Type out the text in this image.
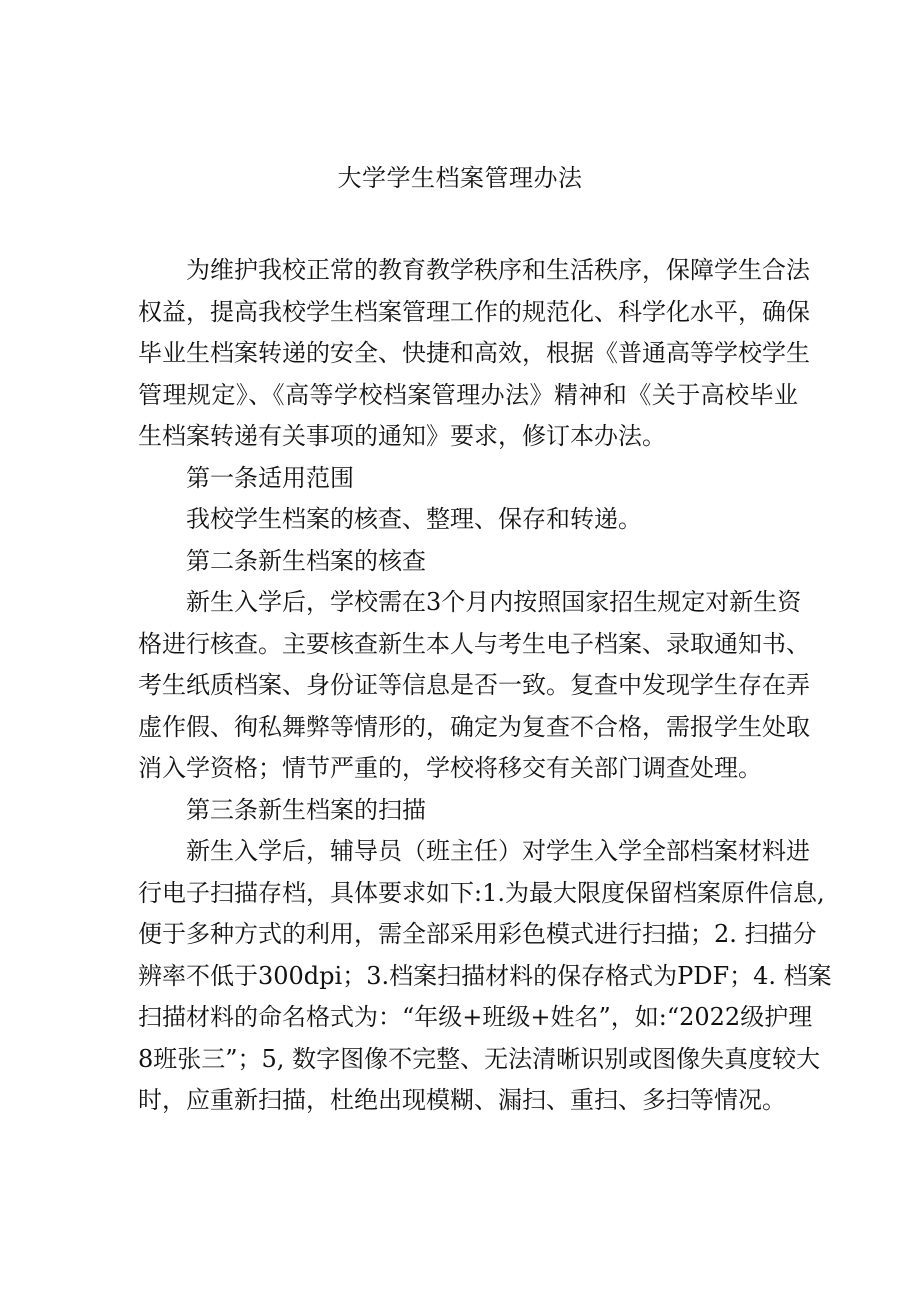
大学学生档案管理办法
为维护我校正常的教育教学秩序和生活秩序，保障学生合法
权益，提高我校学生档案管理工作的规范化、科学化水平，确保
毕业生档案转递的安全、快捷和高效，根据《普通高等学校学生
管理规定》、《高等学校档案管理办法》精神和《关于高校毕业
生档案转递有关事项的通知》要求，修订本办法。
第一条适用范围
我校学生档案的核查、整理、保存和转递。
第二条新生档案的核查
新生入学后，学校需在3个月内按照国家招生规定对新生资
格进行核查。主要核查新生本人与考生电子档案、录取通知书、
考生纸质档案、身份证等信息是否一致。复查中发现学生存在弄
虚作假、徇私舞弊等情形的，确定为复查不合格，需报学生处取
消入学资格；情节严重的，学校将移交有关部门调查处理。
第三条新生档案的扫描
新生入学后，辅导员（班主任）对学生入学全部档案材料进
行电子扫描存档，具体要求如下:1.为最大限度保留档案原件信息,
便于多种方式的利用，需全部采用彩色模式进行扫描；2. 扫描分
辨率不低于300dpi；3.档案扫描材料的保存格式为PDF；4. 档案
扫描材料的命名格式为：“年级+班级+姓名”，如:“2022级护理
8班张三”；5, 数字图像不完整、无法清晰识别或图像失真度较大
时，应重新扫描，杜绝出现模糊、漏扫、重扫、多扫等情况。
